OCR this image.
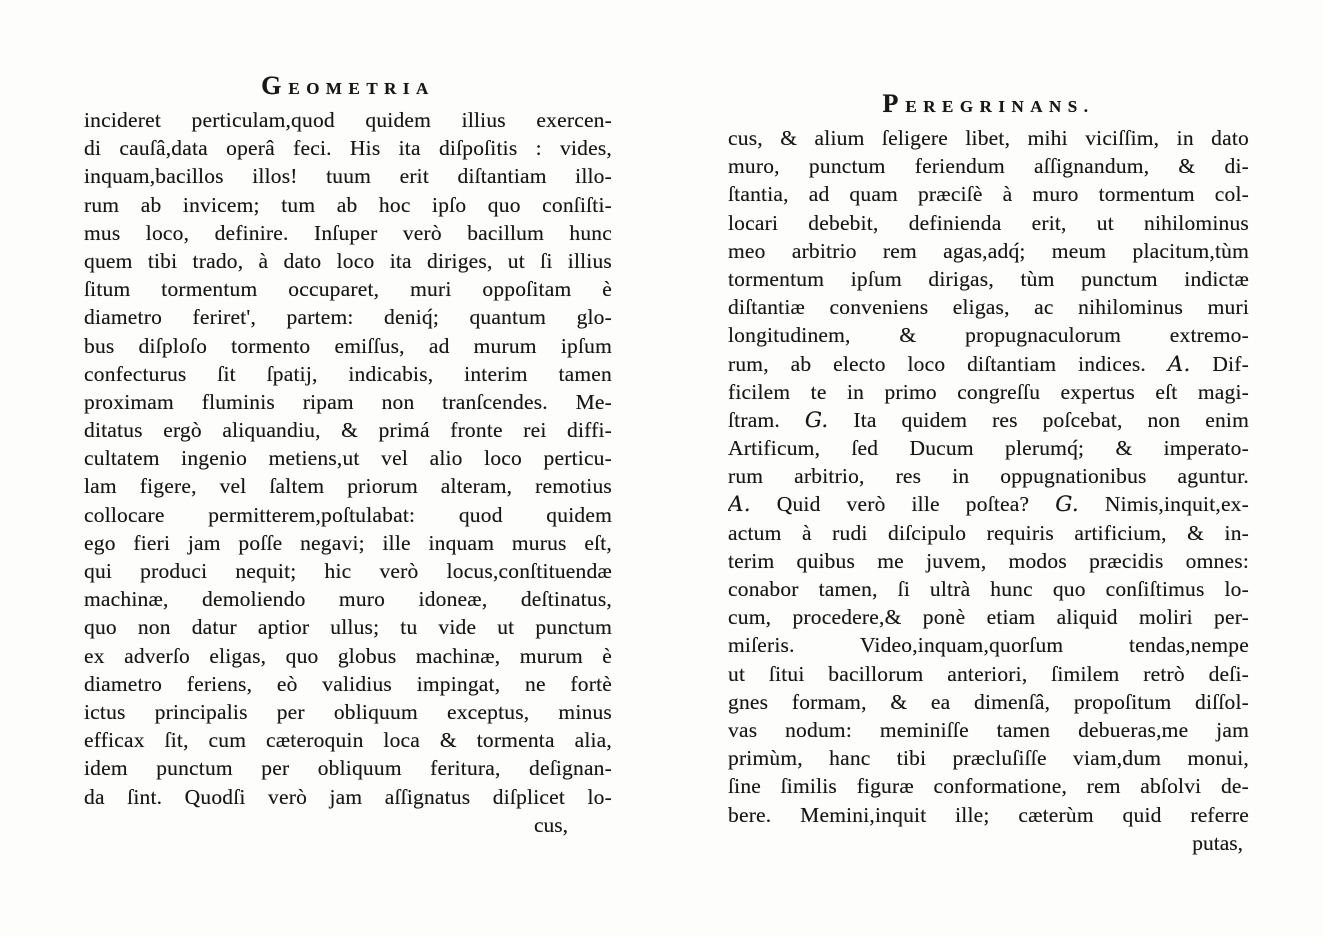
GEOMETRIA
incideret perticulam,quod quidem illius exercen-
di cauſâ,data operâ feci. His ita diſpoſitis : vides,
inquam,bacillos illos! tuum erit diſtantiam illo-
rum ab invicem; tum ab hoc ipſo quo conſiſti-
mus loco, definire. Inſuper verò bacillum hunc
quem tibi trado, à dato loco ita diriges, ut ſi illius
ſitum tormentum occuparet, muri oppoſitam è
diametro feriret', partem: deniq́; quantum glo-
bus diſploſo tormento emiſſus, ad murum ipſum
confecturus ſit ſpatij, indicabis, interim tamen
proximam fluminis ripam non tranſcendes. Me-
ditatus ergò aliquandiu, & primá fronte rei diffi-
cultatem ingenio metiens,ut vel alio loco perticu-
lam figere, vel ſaltem priorum alteram, remotius
collocare permitterem,poſtulabat: quod quidem
ego fieri jam poſſe negavi; ille inquam murus eſt,
qui produci nequit; hic verò locus,conſtituendæ
machinæ, demoliendo muro idoneæ, deſtinatus,
quo non datur aptior ullus; tu vide ut punctum
ex adverſo eligas, quo globus machinæ, murum è
diametro feriens, eò validius impingat, ne fortè
ictus principalis per obliquum exceptus, minus
efficax ſit, cum cæteroquin loca & tormenta alia,
idem punctum per obliquum feritura, deſignan-
da ſint. Quodſi verò jam aſſignatus diſplicet lo-
cus,
PEREGRINANS.
cus, & alium ſeligere libet, mihi viciſſim, in dato
muro, punctum feriendum aſſignandum, & di-
ſtantia, ad quam præciſè à muro tormentum col-
locari debebit, definienda erit, ut nihilominus
meo arbitrio rem agas,adq́; meum placitum,tùm
tormentum ipſum dirigas, tùm punctum indictæ
diſtantiæ conveniens eligas, ac nihilominus muri
longitudinem, & propugnaculorum extremo-
rum, ab electo loco diſtantiam indices. A. Dif-
ficilem te in primo congreſſu expertus eſt magi-
ſtram. G. Ita quidem res poſcebat, non enim
Artificum, ſed Ducum plerumq́; & imperato-
rum arbitrio, res in oppugnationibus aguntur.
A. Quid verò ille poſtea? G. Nimis,inquit,ex-
actum à rudi diſcipulo requiris artificium, & in-
terim quibus me juvem, modos præcidis omnes:
conabor tamen, ſi ultrà hunc quo conſiſtimus lo-
cum, procedere,& ponè etiam aliquid moliri per-
miſeris. Video,inquam,quorſum tendas,nempe
ut ſitui bacillorum anteriori, ſimilem retrò deſi-
gnes formam, & ea dimenſâ, propoſitum diſſol-
vas nodum: meminiſſe tamen debueras,me jam
primùm, hanc tibi præcluſiſſe viam,dum monui,
ſine ſimilis figuræ conformatione, rem abſolvi de-
bere. Memini,inquit ille; cæterùm quid referre
putas,
